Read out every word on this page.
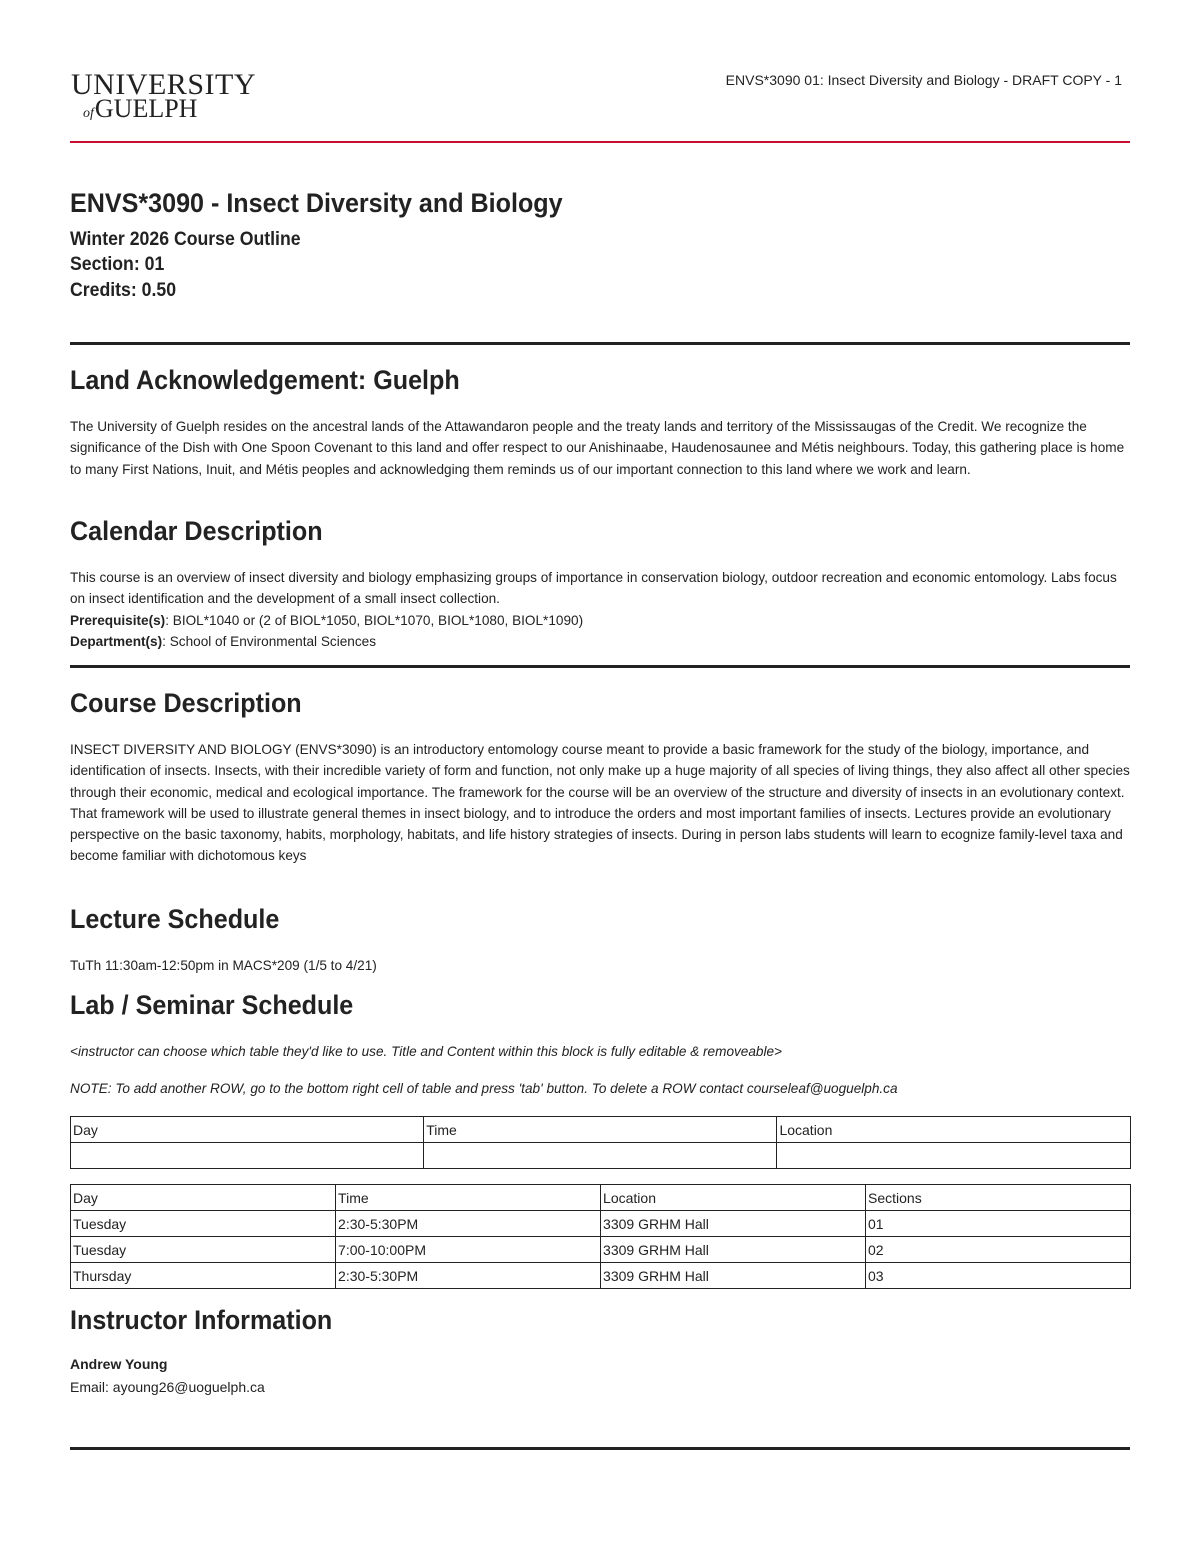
UNIVERSITY
ofGUELPH
ENVS*3090 01: Insect Diversity and Biology - DRAFT COPY - 1
ENVS*3090 - Insect Diversity and Biology
Winter 2026 Course Outline
Section: 01
Credits: 0.50
Land Acknowledgement: Guelph

The University of Guelph resides on the ancestral lands of the Attawandaron people and the treaty lands and territory of the Mississaugas of the Credit. We recognize the significance of the Dish with One Spoon Covenant to this land and offer respect to our Anishinaabe, Haudenosaunee and Métis neighbours. Today, this gathering place is home to many First Nations, Inuit, and Métis peoples and acknowledging them reminds us of our important connection to this land where we work and learn.

Calendar Description

This course is an overview of insect diversity and biology emphasizing groups of importance in conservation biology, outdoor recreation and economic entomology. Labs focus on insect identification and the development of a small insect collection.
Prerequisite(s): BIOL*1040 or (2 of BIOL*1050, BIOL*1070, BIOL*1080, BIOL*1090)
Department(s): School of Environmental Sciences

Course Description

INSECT DIVERSITY AND BIOLOGY (ENVS*3090) is an introductory entomology course meant to provide a basic framework for the study of the biology, importance, and identification of insects. Insects, with their incredible variety of form and function, not only make up a huge majority of all species of living things, they also affect all other species through their economic, medical and ecological importance. The framework for the course will be an overview of the structure and diversity of insects in an evolutionary context. That framework will be used to illustrate general themes in insect biology, and to introduce the orders and most important families of insects. Lectures provide an evolutionary perspective on the basic taxonomy, habits, morphology, habitats, and life history strategies of insects. During in person labs students will learn to ecognize family-level taxa and become familiar with dichotomous keys

Lecture Schedule

TuTh 11:30am-12:50pm in MACS*209 (1/5 to 4/21)

Lab / Seminar Schedule
<instructor can choose which table they'd like to use. Title and Content within this block is fully editable & removeable>
NOTE: To add another ROW, go to the bottom right cell of table and press 'tab' button. To delete a ROW contact courseleaf@uoguelph.ca
Day	Time	Location

Day	Time	Location	Sections
Tuesday	2:30-5:30PM	3309 GRHM Hall	01
Tuesday	7:00-10:00PM	3309 GRHM Hall	02
Thursday	2:30-5:30PM	3309 GRHM Hall	03
Instructor Information
Andrew Young
Email: ayoung26@uoguelph.ca
